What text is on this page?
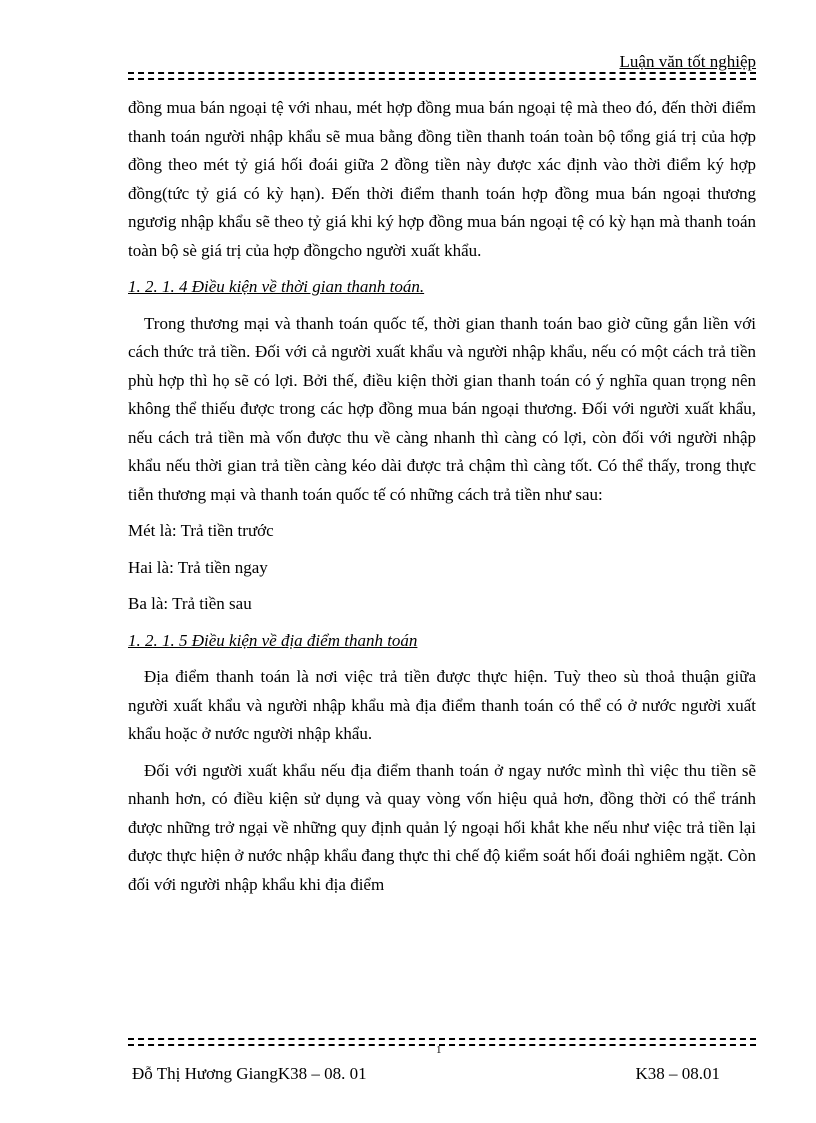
Luận văn tốt nghiệp

đồng mua bán ngoại tệ với nhau, mét hợp đồng mua bán ngoại tệ mà theo đó, đến thời điểm thanh toán người nhập khẩu sẽ mua bằng đồng tiền thanh toán toàn bộ tổng giá trị của hợp đồng theo mét tỷ giá hối đoái giữa 2 đồng tiền này được xác định vào thời điểm ký hợp đồng(tức tỷ giá có kỳ hạn). Đến thời điểm thanh toán hợp đồng mua bán ngoại thương ngươig nhập khẩu sẽ theo tỷ giá khi ký hợp đồng mua bán ngoại tệ có kỳ hạn mà thanh toán toàn bộ sè giá trị của hợp đồngcho người xuất khẩu.

1. 2. 1. 4 Điều kiện về thời gian thanh toán.

Trong thương mại và thanh toán quốc tế, thời gian thanh toán bao giờ cũng gắn liền với cách thức trả tiền. Đối với cả người xuất khẩu và người nhập khẩu, nếu có một cách trả tiền phù hợp thì họ sẽ có lợi. Bởi thế, điều kiện thời gian thanh toán có ý nghĩa quan trọng nên không thể thiếu được trong các hợp đồng mua bán ngoại thương. Đối với người xuất khẩu, nếu cách trả tiền mà vốn được thu về càng nhanh thì càng có lợi, còn đối với người nhập khẩu nếu thời gian trả tiền càng kéo dài được trả chậm thì càng tốt. Có thể thấy, trong thực tiễn thương mại và thanh toán quốc tế có những cách trả tiền như sau:

Mét là: Trả tiền trước

Hai là: Trả tiền ngay

Ba là: Trả tiền sau

1. 2. 1. 5 Điều kiện về địa điểm thanh toán

Địa điểm thanh toán là nơi việc trả tiền được thực hiện. Tuỳ theo sù thoả thuận giữa người xuất khẩu và người nhập khẩu mà địa điểm thanh toán có thể có ở nước người xuất khẩu hoặc ở nước người nhập khẩu.

Đối với người xuất khẩu nếu địa điểm thanh toán ở ngay nước mình thì việc thu tiền sẽ nhanh hơn, có điều kiện sử dụng và quay vòng vốn hiệu quả hơn, đồng thời có thể tránh được những trở ngại về những quy định quản lý ngoại hối khắt khe nếu như việc trả tiền lại được thực hiện ở nước nhập khẩu đang thực thi chế độ kiểm soát hối đoái nghiêm ngặt. Còn đối với người nhập khẩu khi địa điểm

1
Đỗ Thị Hương GiangK38 – 08. 01	K38 – 08.01
